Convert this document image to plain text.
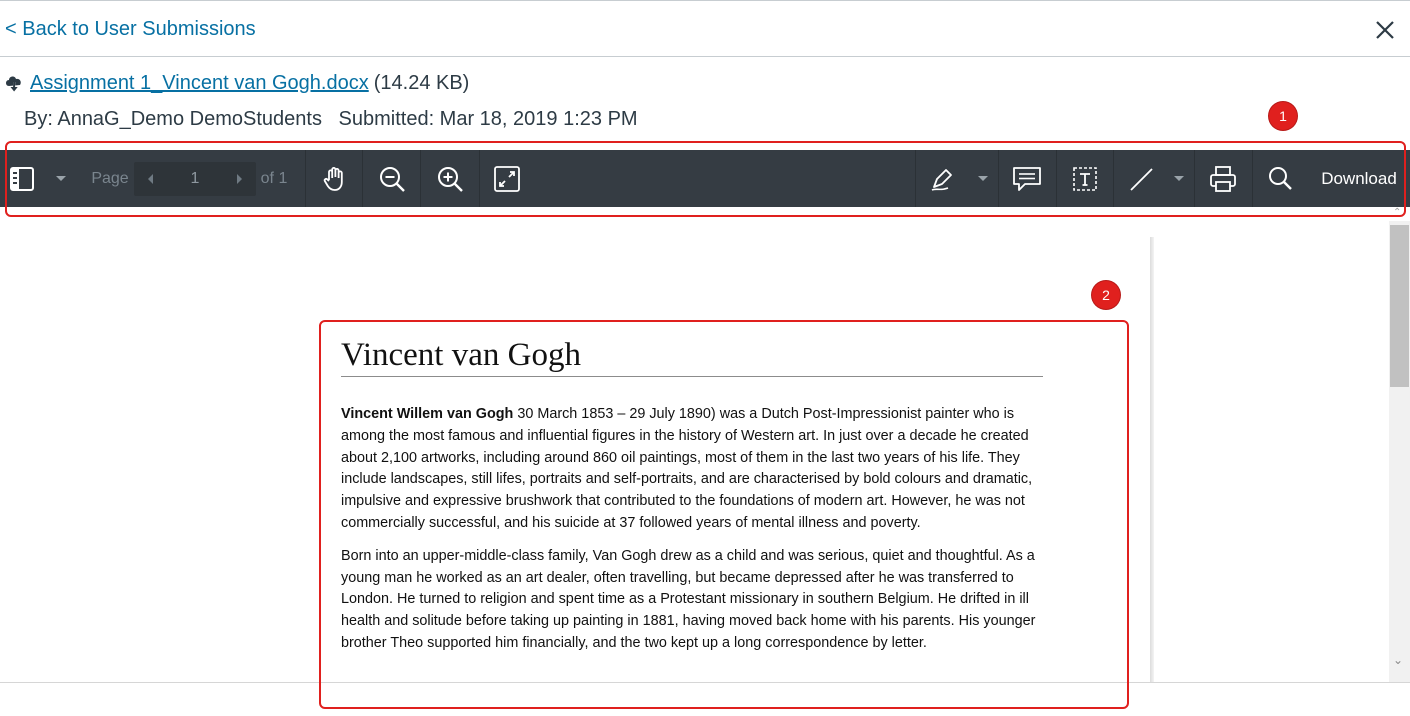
< Back to User Submissions
Assignment 1_Vincent van Gogh.docx (14.24 KB)
By: AnnaG_Demo DemoStudents Submitted: Mar 18, 2019 1:23 PM
Page	1	of 1	Download
⌃
⌄
Vincent van Gogh

Vincent Willem van Gogh 30 March 1853 – 29 July 1890) was a Dutch Post-Impressionist painter who is among the most famous and influential figures in the history of Western art. In just over a decade he created about 2,100 artworks, including around 860 oil paintings, most of them in the last two years of his life. They include landscapes, still lifes, portraits and self-portraits, and are characterised by bold colours and dramatic, impulsive and expressive brushwork that contributed to the foundations of modern art. However, he was not commercially successful, and his suicide at 37 followed years of mental illness and poverty.

Born into an upper-middle-class family, Van Gogh drew as a child and was serious, quiet and thoughtful. As a young man he worked as an art dealer, often travelling, but became depressed after he was transferred to London. He turned to religion and spent time as a Protestant missionary in southern Belgium. He drifted in ill health and solitude before taking up painting in 1881, having moved back home with his parents. His younger brother Theo supported him financially, and the two kept up a long correspondence by letter.

1
2
